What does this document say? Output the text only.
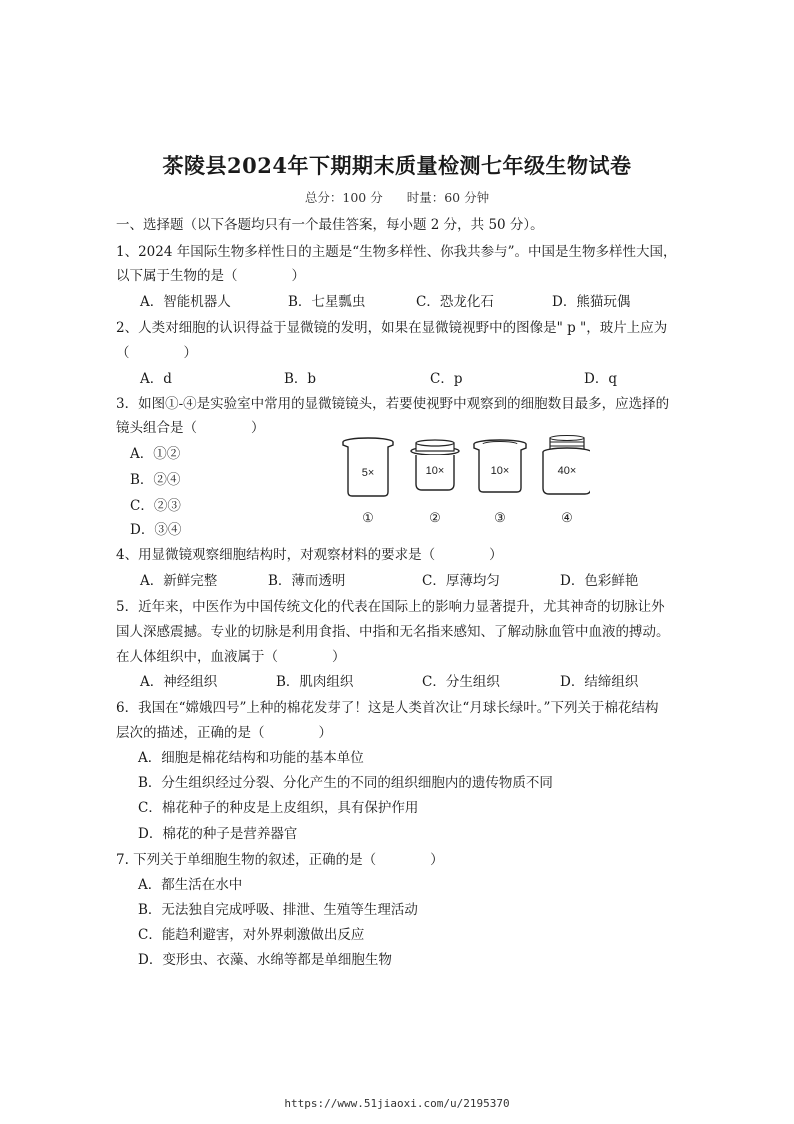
茶陵县2024年下期期末质量检测七年级生物试卷
总分：100 分 时量：60 分钟
一、选择题（以下各题均只有一个最佳答案，每小题 2 分，共 50 分）。
1、2024 年国际生物多样性日的主题是“生物多样性、你我共参与”。中国是生物多样性大国，
以下属于生物的是（　　　　）
A．智能机器人	B．七星瓢虫	C．恐龙化石	D．熊猫玩偶
2、人类对细胞的认识得益于显微镜的发明，如果在显微镜视野中的图像是" p "，玻片上应为
（　　　　）
A．d	B．b	C．p	D．q
3．如图①-④是实验室中常用的显微镜镜头，若要使视野中观察到的细胞数目最多，应选择的
镜头组合是（　　　　）
A．①②
B．②④
C．②③
D．③④
5×
①
10×
②
10×
③
40×
④
4、用显微镜观察细胞结构时，对观察材料的要求是（　　　　）
A．新鲜完整	B．薄而透明	C．厚薄均匀	D．色彩鲜艳
5．近年来，中医作为中国传统文化的代表在国际上的影响力显著提升，尤其神奇的切脉让外
国人深感震撼。专业的切脉是利用食指、中指和无名指来感知、了解动脉血管中血液的搏动。
在人体组织中，血液属于（　　　　）
A．神经组织	B．肌肉组织	C．分生组织	D．结缔组织
6．我国在“嫦娥四号”上种的棉花发芽了！这是人类首次让“月球长绿叶。”下列关于棉花结构
层次的描述，正确的是（　　　　）
A．细胞是棉花结构和功能的基本单位
B．分生组织经过分裂、分化产生的不同的组织细胞内的遗传物质不同
C．棉花种子的种皮是上皮组织，具有保护作用
D．棉花的种子是营养器官
7. 下列关于单细胞生物的叙述，正确的是（　　　　）
A．都生活在水中
B．无法独自完成呼吸、排泄、生殖等生理活动
C．能趋利避害，对外界刺激做出反应
D．变形虫、衣藻、水绵等都是单细胞生物
https://www.51jiaoxi.com/u/2195370
